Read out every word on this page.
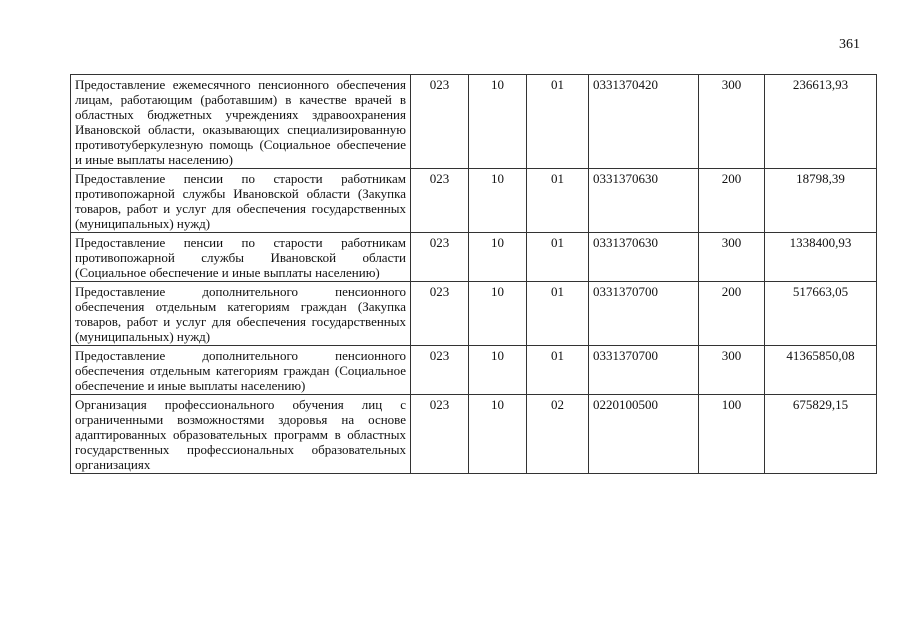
361
Предоставление ежемесячного пенсионного обеспечения лицам, работающим (работавшим) в качестве врачей в областных бюджетных учреждениях здравоохранения Ивановской области, оказывающих специализированную противотуберкулезную помощь (Социальное обеспечение и иные выплаты населению)	023	10	01	0331370420	300	236613,93
Предоставление пенсии по старости работникам противопожарной службы Ивановской области (Закупка товаров, работ и услуг для обеспечения государственных (муниципальных) нужд)	023	10	01	0331370630	200	18798,39
Предоставление пенсии по старости работникам противопожарной службы Ивановской области (Социальное обеспечение и иные выплаты населению)	023	10	01	0331370630	300	1338400,93
Предоставление дополнительного пенсионного обеспечения отдельным категориям граждан (Закупка товаров, работ и услуг для обеспечения государственных (муниципальных) нужд)	023	10	01	0331370700	200	517663,05
Предоставление дополнительного пенсионного обеспечения отдельным категориям граждан (Социальное обеспечение и иные выплаты населению)	023	10	01	0331370700	300	41365850,08
Организация профессионального обучения лиц с ограниченными возможностями здоровья на основе адаптированных образовательных программ в областных государственных профессиональных образовательных организациях	023	10	02	0220100500	100	675829,15
